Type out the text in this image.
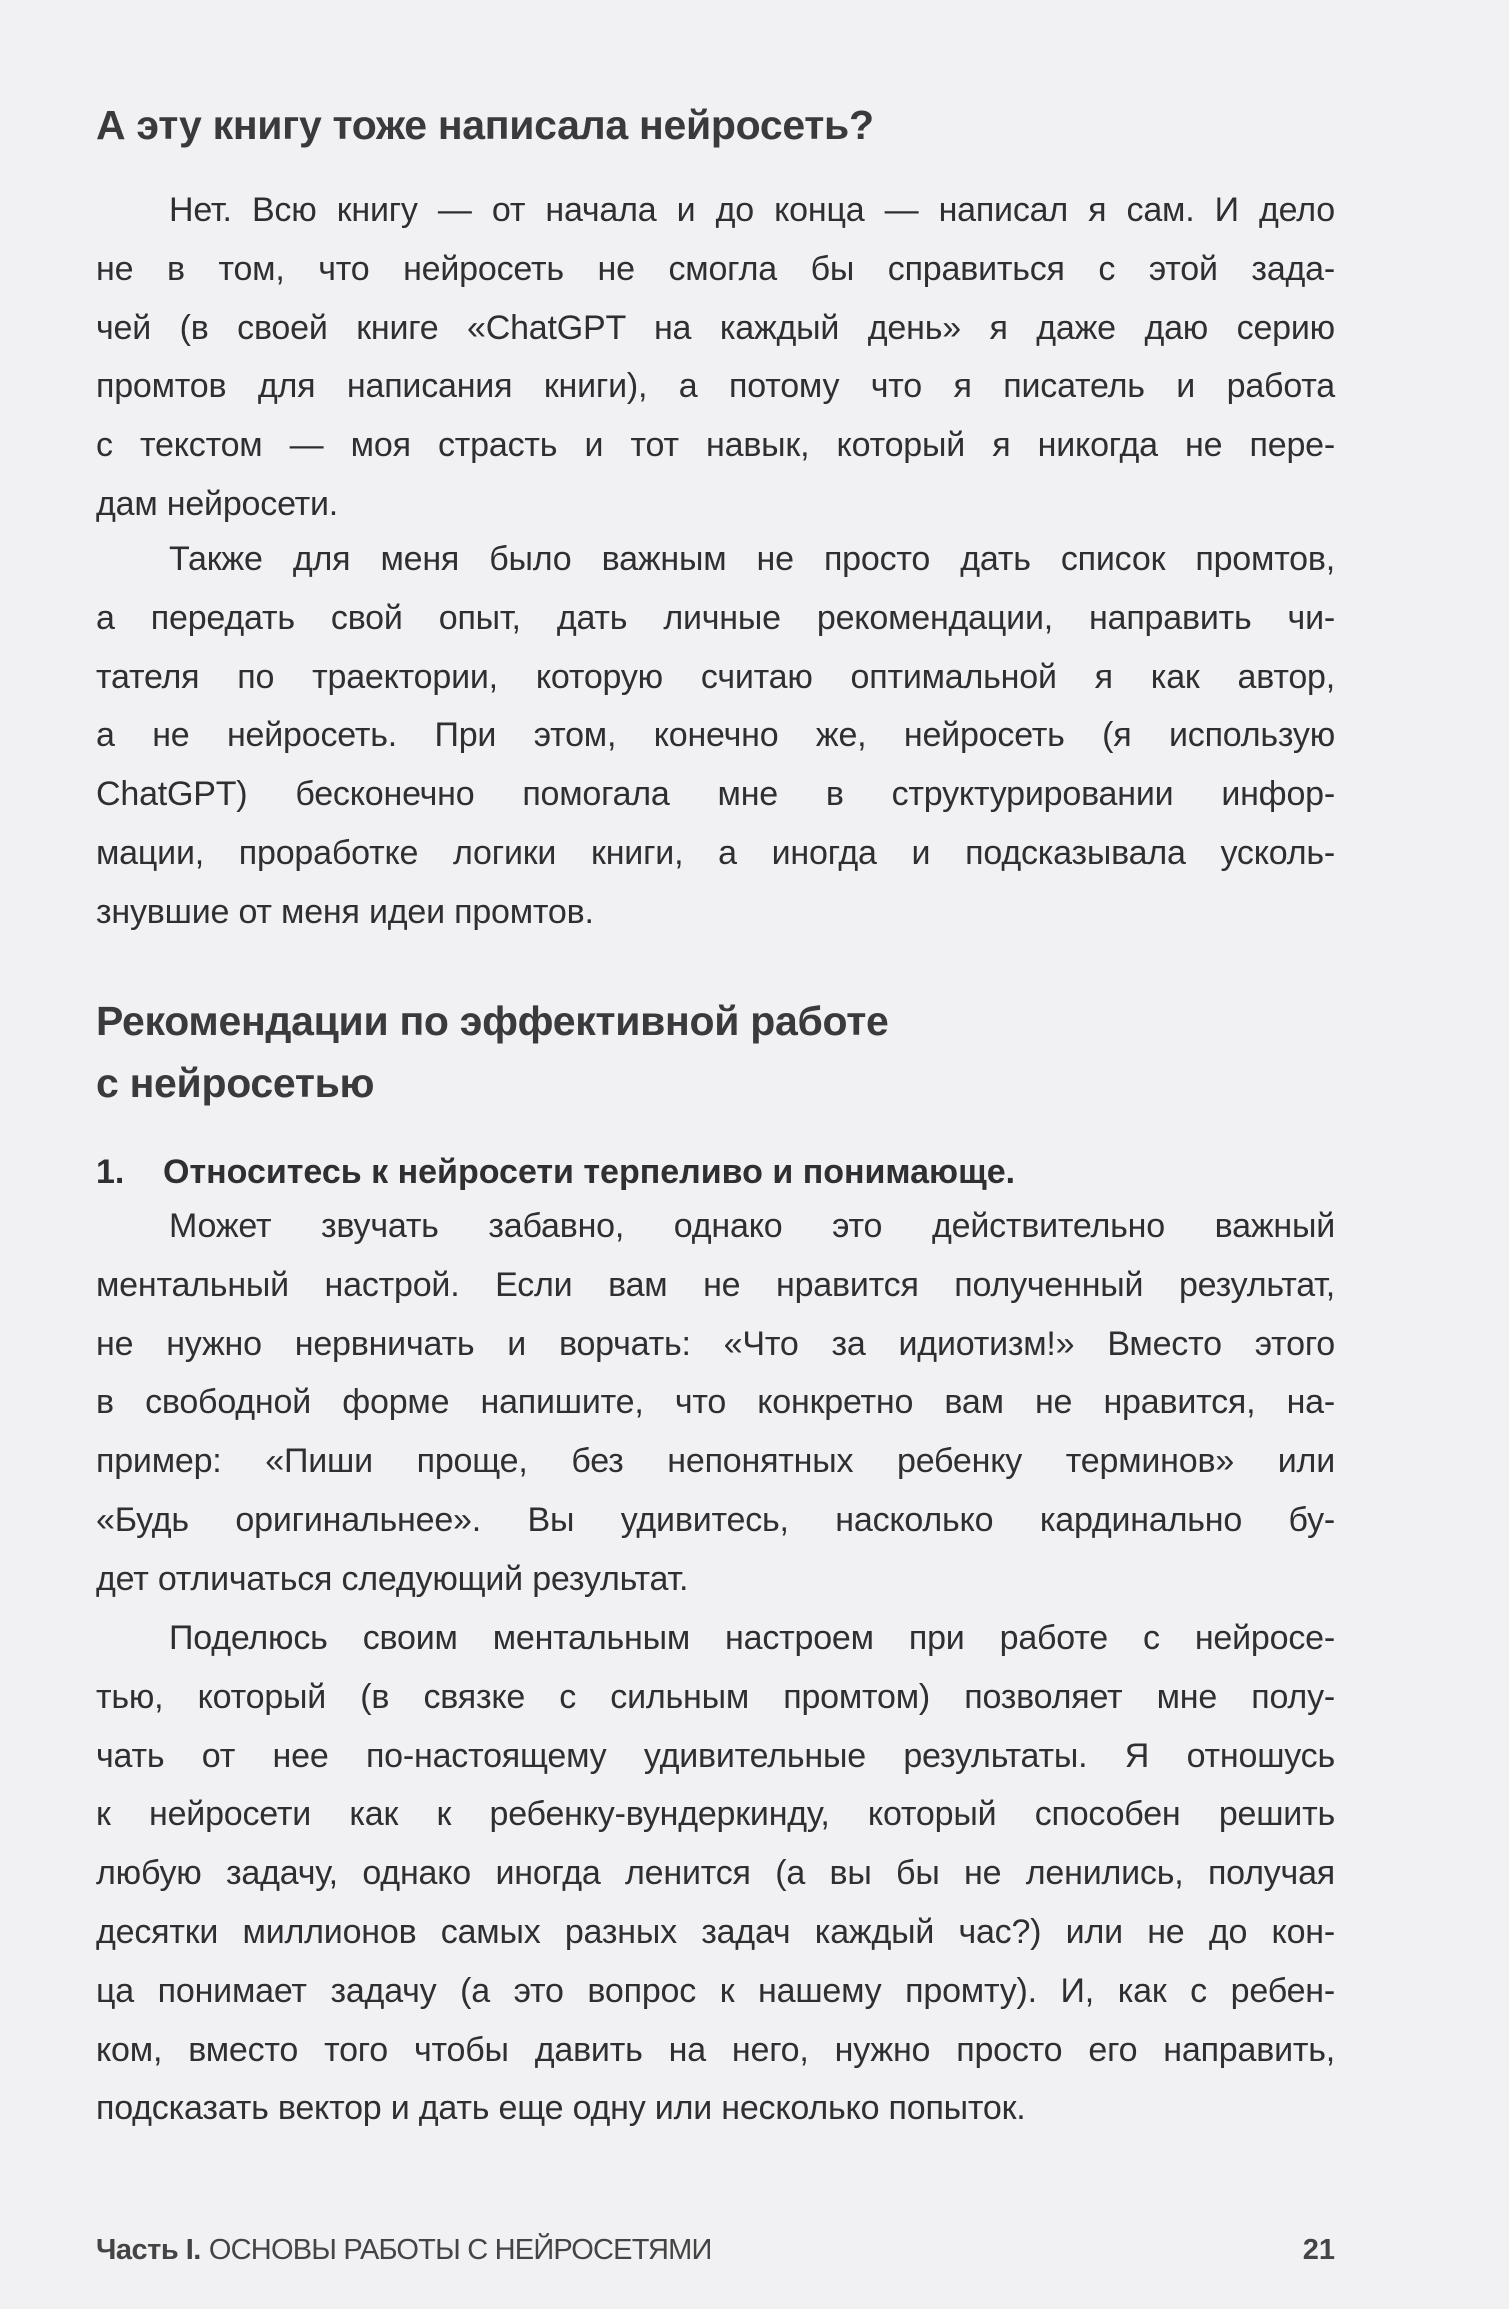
А эту книгу тоже написала нейросеть?
Нет. Всю книгу — от начала и до конца — написал я сам. И дело
не в том, что нейросеть не смогла бы справиться с этой зада-
чей (в своей книге «ChatGPT на каждый день» я даже даю серию
промтов для написания книги), а потому что я писатель и работа
с текстом — моя страсть и тот навык, который я никогда не пере-
дам нейросети.
Также для меня было важным не просто дать список промтов,
а передать свой опыт, дать личные рекомендации, направить чи-
тателя по траектории, которую считаю оптимальной я как автор,
а не нейросеть. При этом, конечно же, нейросеть (я использую
ChatGPT) бесконечно помогала мне в структурировании инфор-
мации, проработке логики книги, а иногда и подсказывала усколь-
знувшие от меня идеи промтов.
Рекомендации по эффективной работе
с нейросетью
1. Относитесь к нейросети терпеливо и понимающе.
Может звучать забавно, однако это действительно важный
ментальный настрой. Если вам не нравится полученный результат,
не нужно нервничать и ворчать: «Что за идиотизм!» Вместо этого
в свободной форме напишите, что конкретно вам не нравится, на-
пример: «Пиши проще, без непонятных ребенку терминов» или
«Будь оригинальнее». Вы удивитесь, насколько кардинально бу-
дет отличаться следующий результат.
Поделюсь своим ментальным настроем при работе с нейросе-
тью, который (в связке с сильным промтом) позволяет мне полу-
чать от нее по-настоящему удивительные результаты. Я отношусь
к нейросети как к ребенку-вундеркинду, который способен решить
любую задачу, однако иногда ленится (а вы бы не ленились, получая
десятки миллионов самых разных задач каждый час?) или не до кон-
ца понимает задачу (а это вопрос к нашему промту). И, как с ребен-
ком, вместо того чтобы давить на него, нужно просто его направить,
подсказать вектор и дать еще одну или несколько попыток.
Часть I. ОСНОВЫ РАБОТЫ С НЕЙРОСЕТЯМИ	21
